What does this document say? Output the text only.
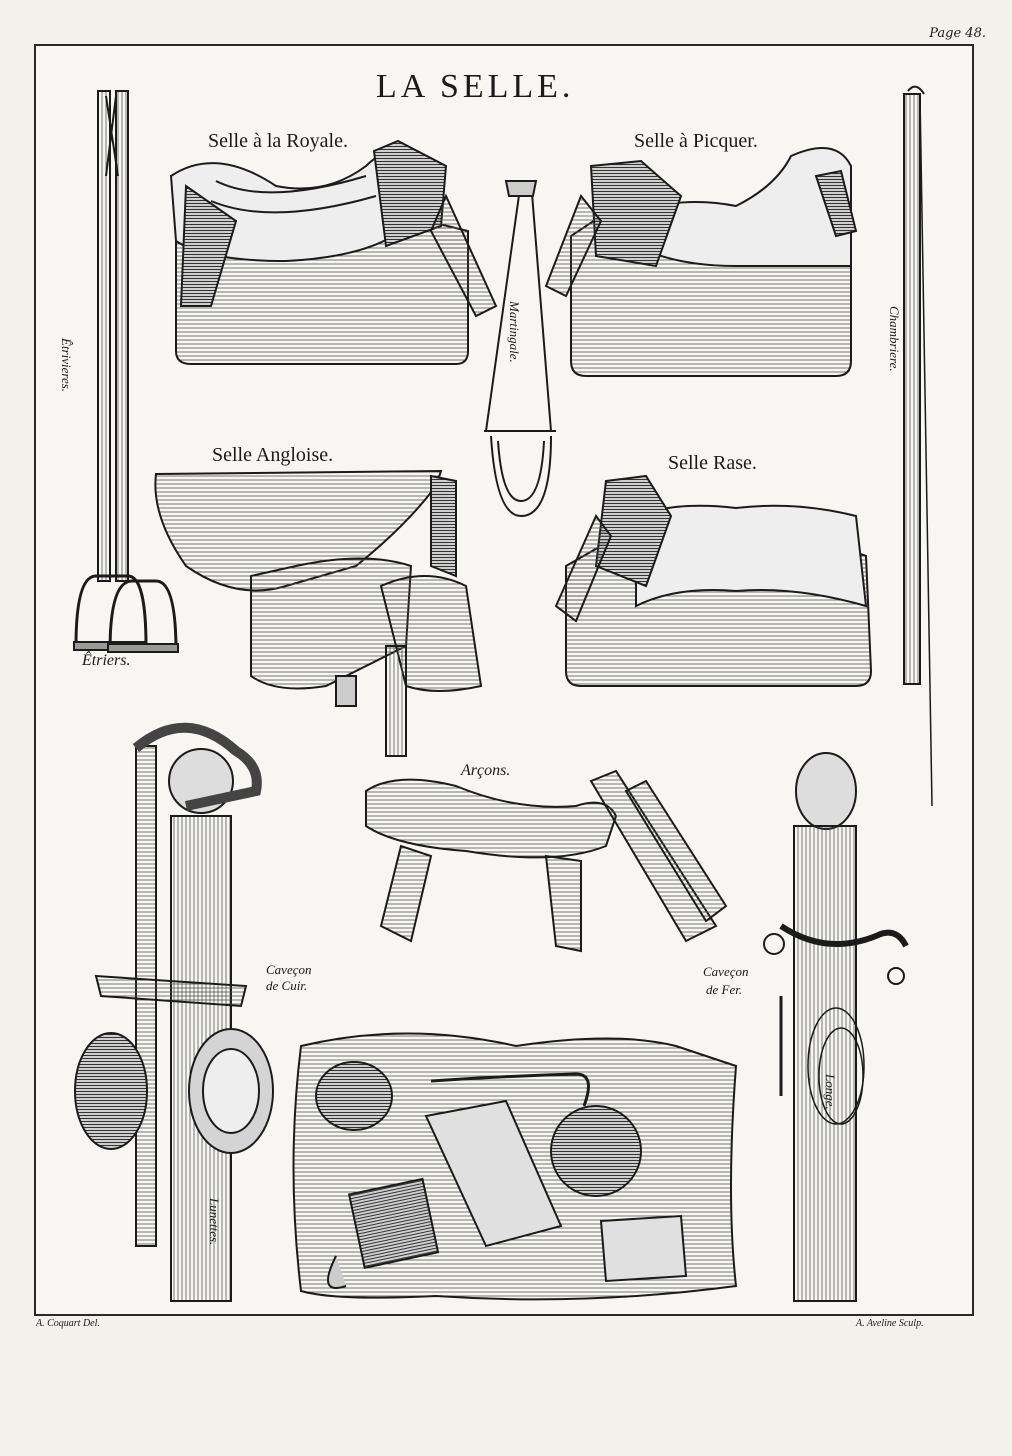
Page 48.
LA SELLE.
Selle à la Royale.	Selle à Picquer.
Selle Angloise.	Selle Rase.
Êtriers.
Êtrivieres.
Martingale.	Chambriere.
Arçons.
Caveçon
de Cuir.
Caveçon
de Fer.
Longe.
Lunettes.
A. Coquart Del.	A. Aveline Sculp.
